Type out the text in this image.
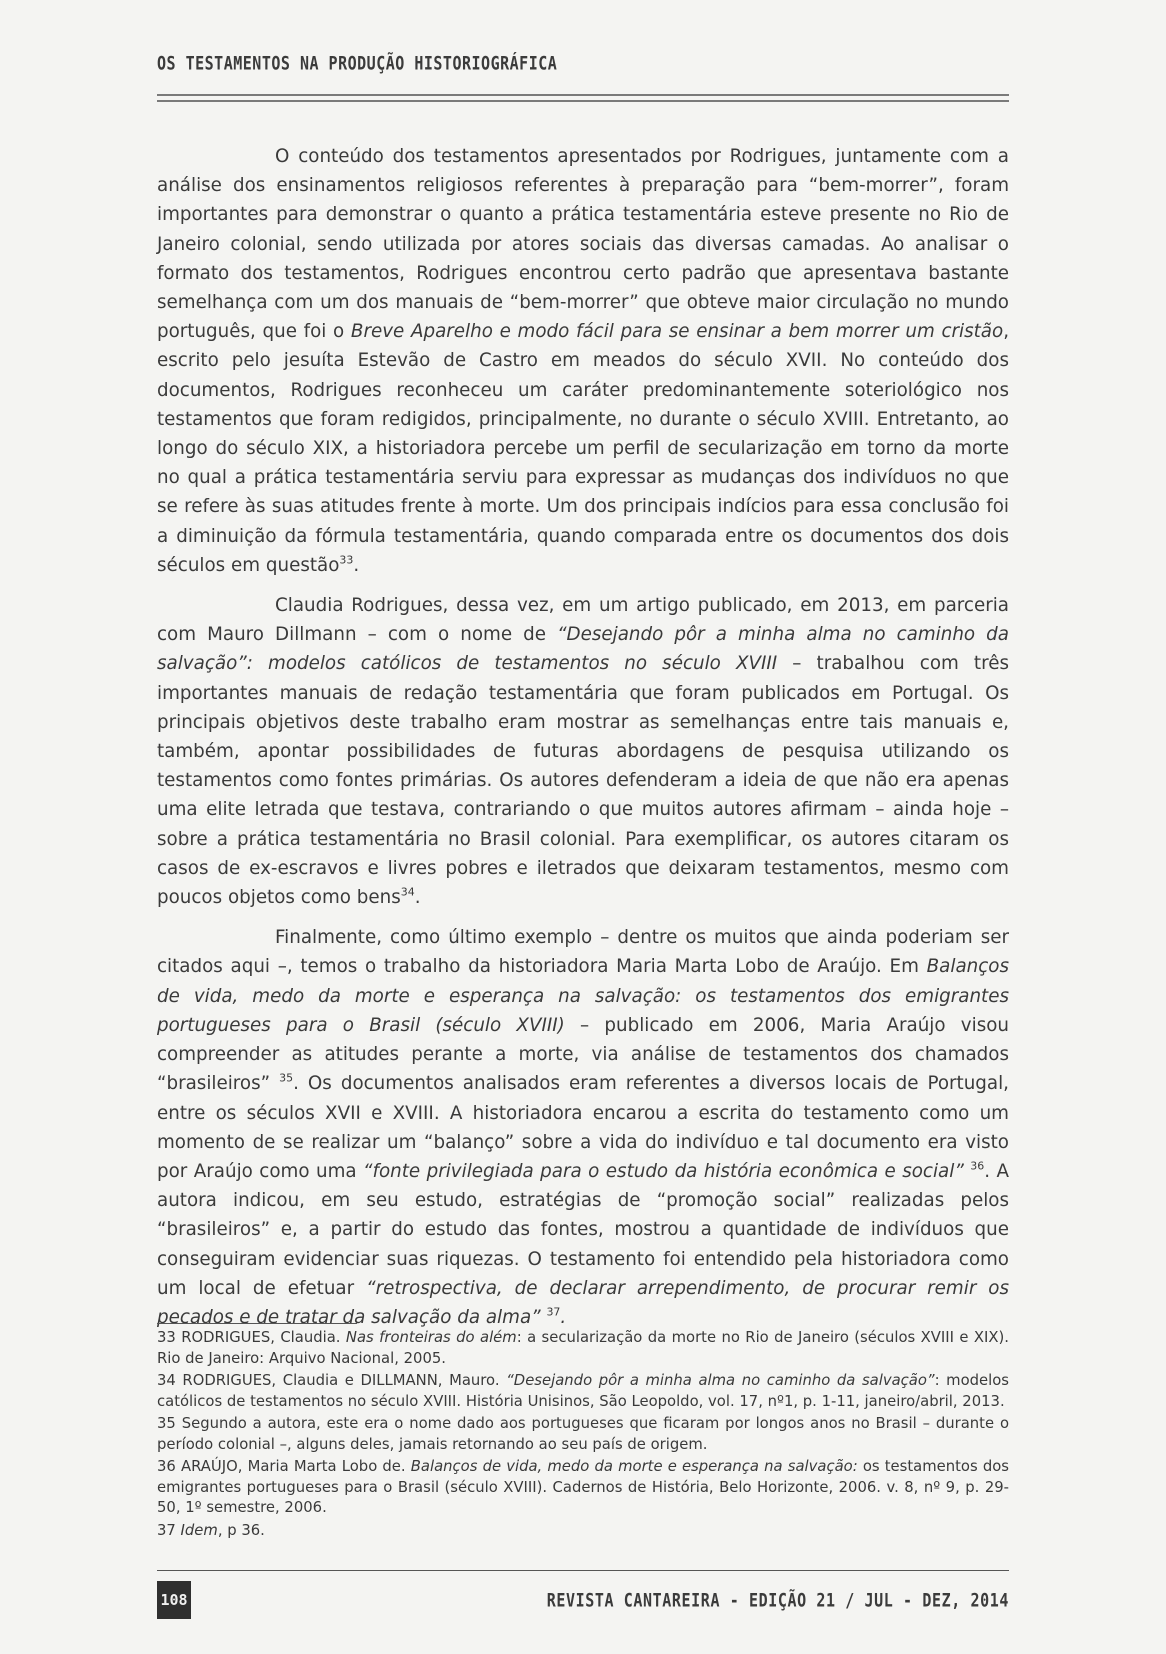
OS TESTAMENTOS NA PRODUÇÃO HISTORIOGRÁFICA

O conteúdo dos testamentos apresentados por Rodrigues, juntamente com a análise dos ensinamentos religiosos referentes à preparação para “bem-morrer”, foram importantes para demonstrar o quanto a prática testamentária esteve presente no Rio de Janeiro colonial, sendo utilizada por atores sociais das diversas camadas. Ao analisar o formato dos testamentos, Rodrigues encontrou certo padrão que apresentava bastante semelhança com um dos manuais de “bem-morrer” que obteve maior circulação no mundo português, que foi o Breve Aparelho e modo fácil para se ensinar a bem morrer um cristão, escrito pelo jesuíta Estevão de Castro em meados do século XVII. No conteúdo dos documentos, Rodrigues reconheceu um caráter predominantemente soteriológico nos testamentos que foram redigidos, principalmente, no durante o século XVIII. Entretanto, ao longo do século XIX, a historiadora percebe um perfil de secularização em torno da morte no qual a prática testamentária serviu para expressar as mudanças dos indivíduos no que se refere às suas atitudes frente à morte. Um dos principais indícios para essa conclusão foi a diminuição da fórmula testamentária, quando comparada entre os documentos dos dois séculos em questão$^{33}$.

Claudia Rodrigues, dessa vez, em um artigo publicado, em 2013, em parceria com Mauro Dillmann – com o nome de “Desejando pôr a minha alma no caminho da salvação”: modelos católicos de testamentos no século XVIII – trabalhou com três importantes manuais de redação testamentária que foram publicados em Portugal. Os principais objetivos deste trabalho eram mostrar as semelhanças entre tais manuais e, também, apontar possibilidades de futuras abordagens de pesquisa utilizando os testamentos como fontes primárias. Os autores defenderam a ideia de que não era apenas uma elite letrada que testava, contrariando o que muitos autores afirmam – ainda hoje – sobre a prática testamentária no Brasil colonial. Para exemplificar, os autores citaram os casos de ex-escravos e livres pobres e iletrados que deixaram testamentos, mesmo com poucos objetos como bens$^{34}$.

Finalmente, como último exemplo – dentre os muitos que ainda poderiam ser citados aqui –, temos o trabalho da historiadora Maria Marta Lobo de Araújo. Em Balanços de vida, medo da morte e esperança na salvação: os testamentos dos emigrantes portugueses para o Brasil (século XVIII) – publicado em 2006, Maria Araújo visou compreender as atitudes perante a morte, via análise de testamentos dos chamados “brasileiros” $^{35}$. Os documentos analisados eram referentes a diversos locais de Portugal, entre os séculos XVII e XVIII. A historiadora encarou a escrita do testamento como um momento de se realizar um “balanço” sobre a vida do indivíduo e tal documento era visto por Araújo como uma “fonte privilegiada para o estudo da história econômica e social” $^{36}$. A autora indicou, em seu estudo, estratégias de “promoção social” realizadas pelos “brasileiros” e, a partir do estudo das fontes, mostrou a quantidade de indivíduos que conseguiram evidenciar suas riquezas. O testamento foi entendido pela historiadora como um local de efetuar “retrospectiva, de declarar arrependimento, de procurar remir os pecados e de tratar da salvação da alma” $^{37}$.

33 RODRIGUES, Claudia. Nas fronteiras do além: a secularização da morte no Rio de Janeiro (séculos XVIII e XIX). Rio de Janeiro: Arquivo Nacional, 2005.
34 RODRIGUES, Claudia e DILLMANN, Mauro. “Desejando pôr a minha alma no caminho da salvação”: modelos católicos de testamentos no século XVIII. História Unisinos, São Leopoldo, vol. 17, nº1, p. 1-11, janeiro/abril, 2013.
35 Segundo a autora, este era o nome dado aos portugueses que ficaram por longos anos no Brasil – durante o período colonial –, alguns deles, jamais retornando ao seu país de origem.
36 ARAÚJO, Maria Marta Lobo de. Balanços de vida, medo da morte e esperança na salvação: os testamentos dos emigrantes portugueses para o Brasil (século XVIII). Cadernos de História, Belo Horizonte, 2006. v. 8, nº 9, p. 29-50, 1º semestre, 2006.
37 Idem, p 36.
108	REVISTA CANTAREIRA - EDIÇÃO 21 / JUL - DEZ, 2014
